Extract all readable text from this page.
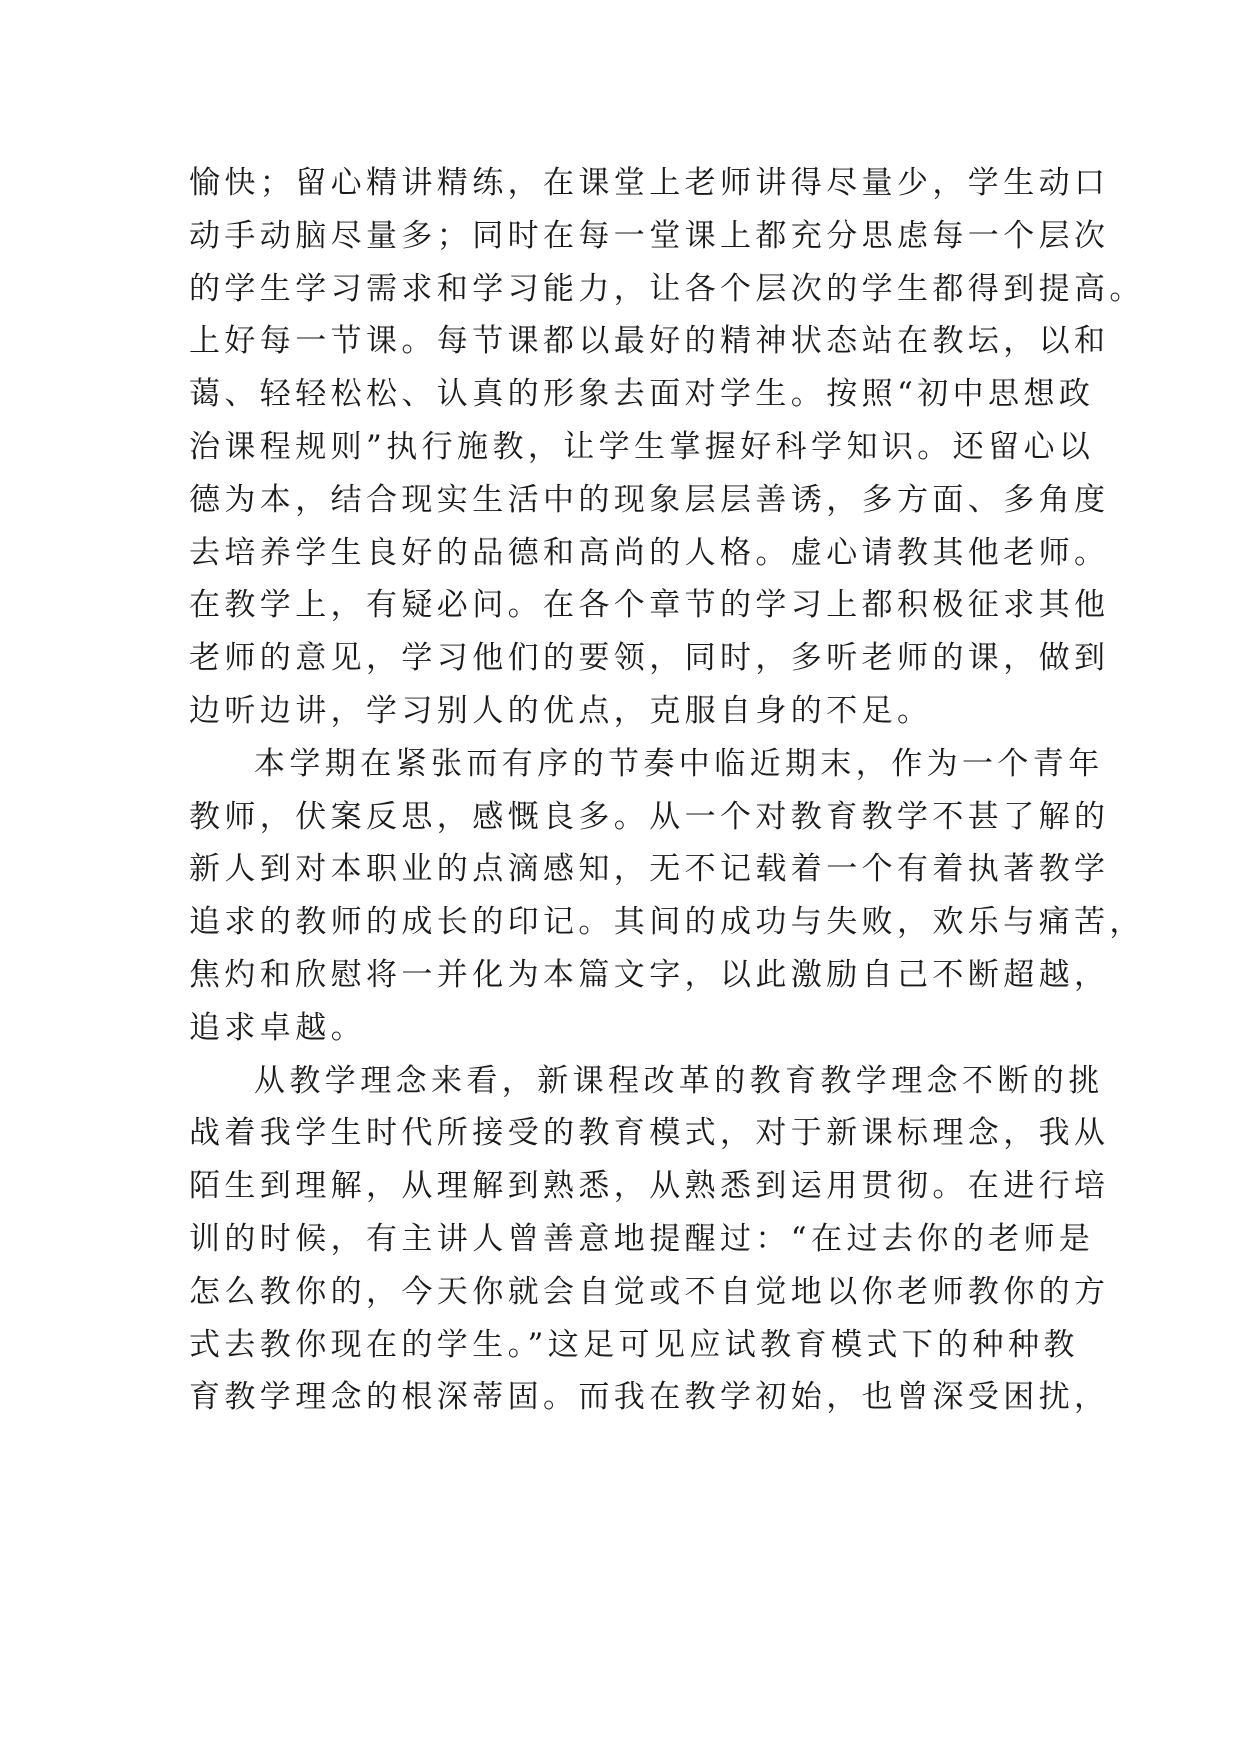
愉快；留心精讲精练，在课堂上老师讲得尽量少，学生动口
动手动脑尽量多；同时在每一堂课上都充分思虑每一个层次
的学生学习需求和学习能力，让各个层次的学生都得到提高。
上好每一节课。每节课都以最好的精神状态站在教坛，以和
蔼、轻轻松松、认真的形象去面对学生。按照“初中思想政
治课程规则”执行施教，让学生掌握好科学知识。还留心以
德为本，结合现实生活中的现象层层善诱，多方面、多角度
去培养学生良好的品德和高尚的人格。虚心请教其他老师。
在教学上，有疑必问。在各个章节的学习上都积极征求其他
老师的意见，学习他们的要领，同时，多听老师的课，做到
边听边讲，学习别人的优点，克服自身的不足。
本学期在紧张而有序的节奏中临近期末，作为一个青年
教师，伏案反思，感慨良多。从一个对教育教学不甚了解的
新人到对本职业的点滴感知，无不记载着一个有着执著教学
追求的教师的成长的印记。其间的成功与失败，欢乐与痛苦，
焦灼和欣慰将一并化为本篇文字，以此激励自己不断超越，
追求卓越。
从教学理念来看，新课程改革的教育教学理念不断的挑
战着我学生时代所接受的教育模式，对于新课标理念，我从
陌生到理解，从理解到熟悉，从熟悉到运用贯彻。在进行培
训的时候，有主讲人曾善意地提醒过：“在过去你的老师是
怎么教你的，今天你就会自觉或不自觉地以你老师教你的方
式去教你现在的学生。”这足可见应试教育模式下的种种教
育教学理念的根深蒂固。而我在教学初始，也曾深受困扰，
